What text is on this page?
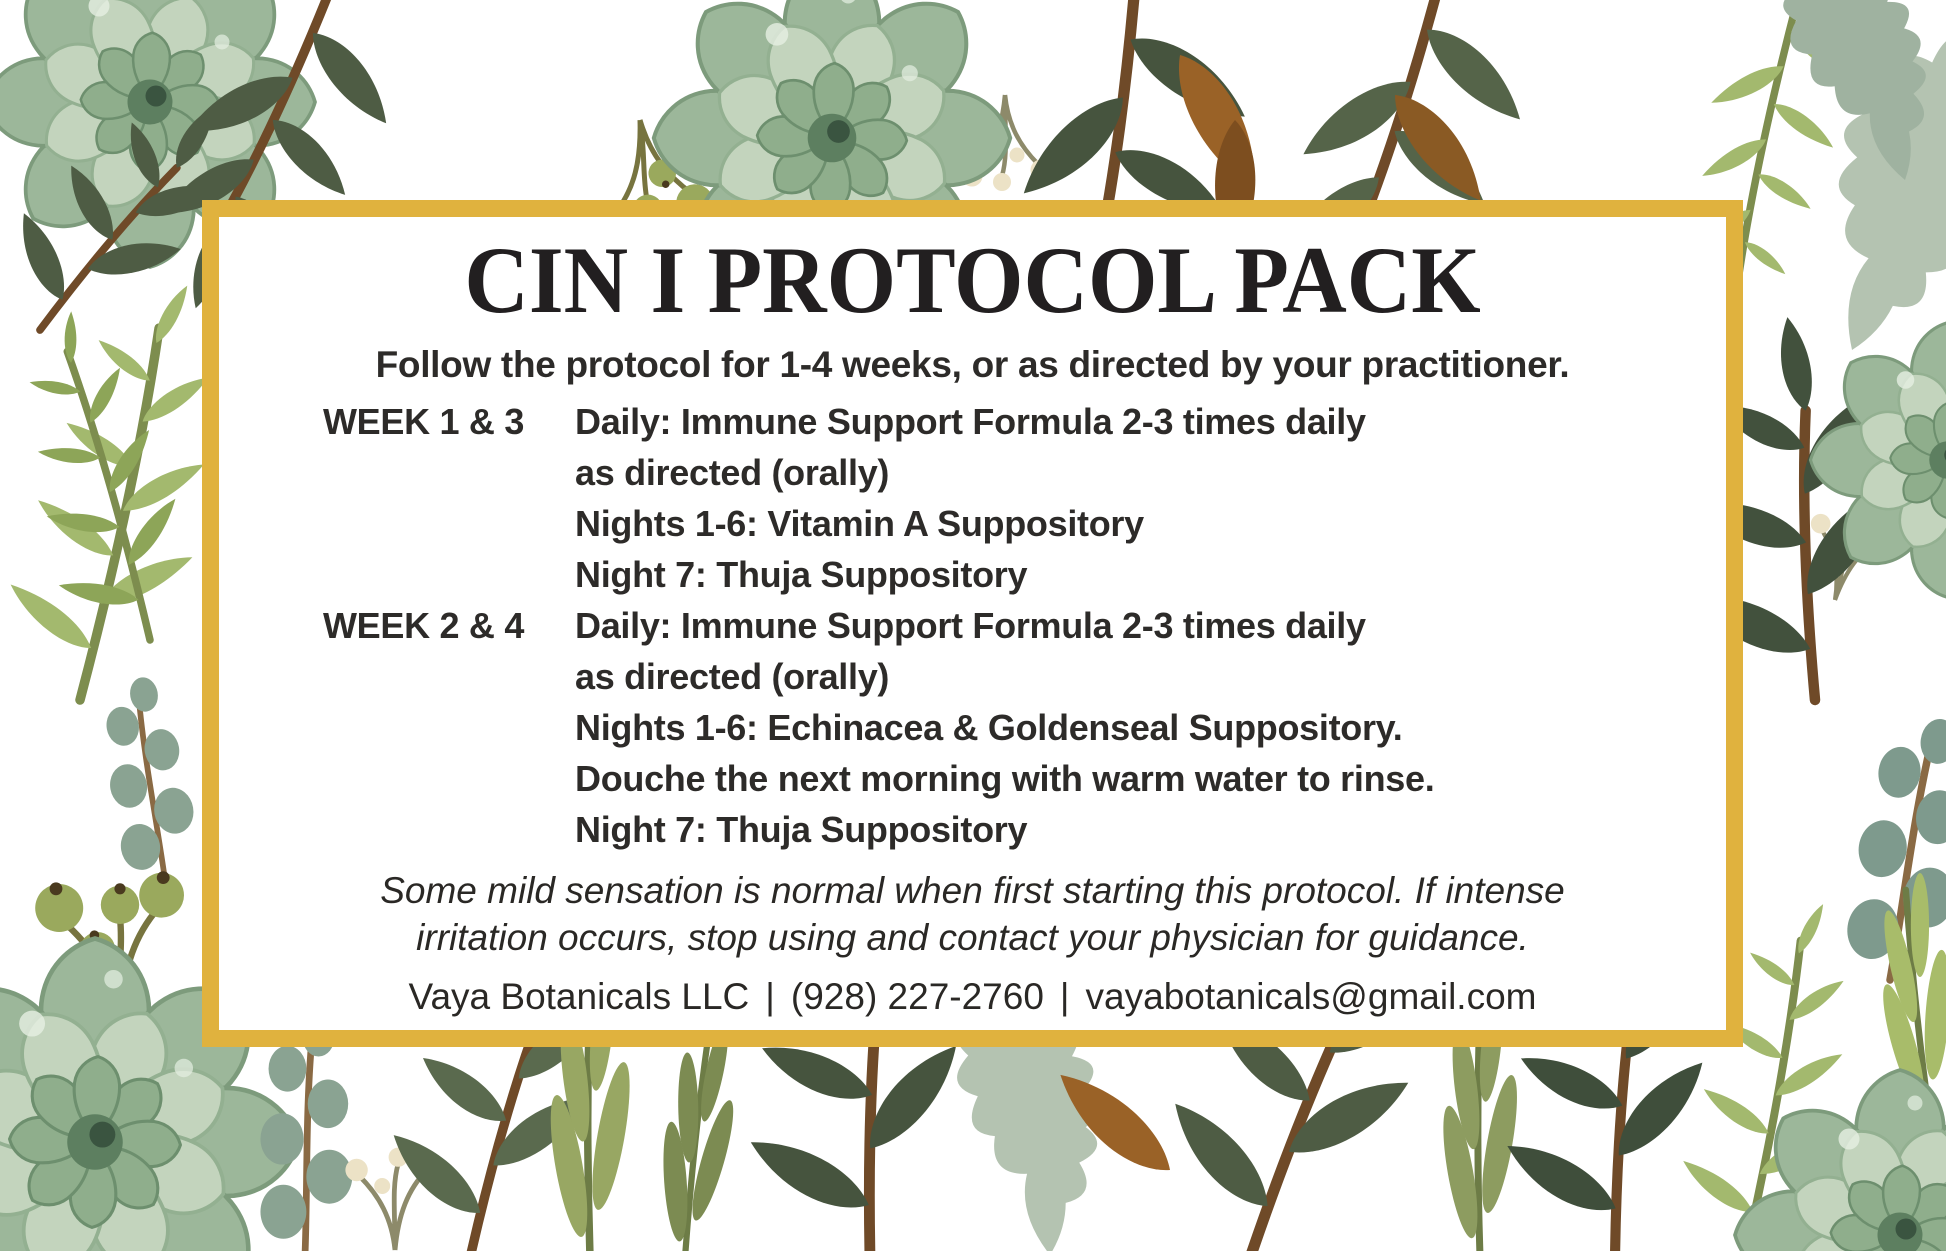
CIN I PROTOCOL PACK
Follow the protocol for 1-4 weeks, or as directed by your practitioner.
WEEK 1 & 3	Daily: Immune Support Formula 2-3 times daily
as directed (orally)
Nights 1-6: Vitamin A Suppository
Night 7: Thuja Suppository
WEEK 2 & 4	Daily: Immune Support Formula 2-3 times daily
as directed (orally)
Nights 1-6: Echinacea & Goldenseal Suppository.
Douche the next morning with warm water to rinse.
Night 7: Thuja Suppository
Some mild sensation is normal when first starting this protocol. If intense
irritation occurs, stop using and contact your physician for guidance.
Vaya Botanicals LLC | (928) 227-2760 | vayabotanicals@gmail.com
